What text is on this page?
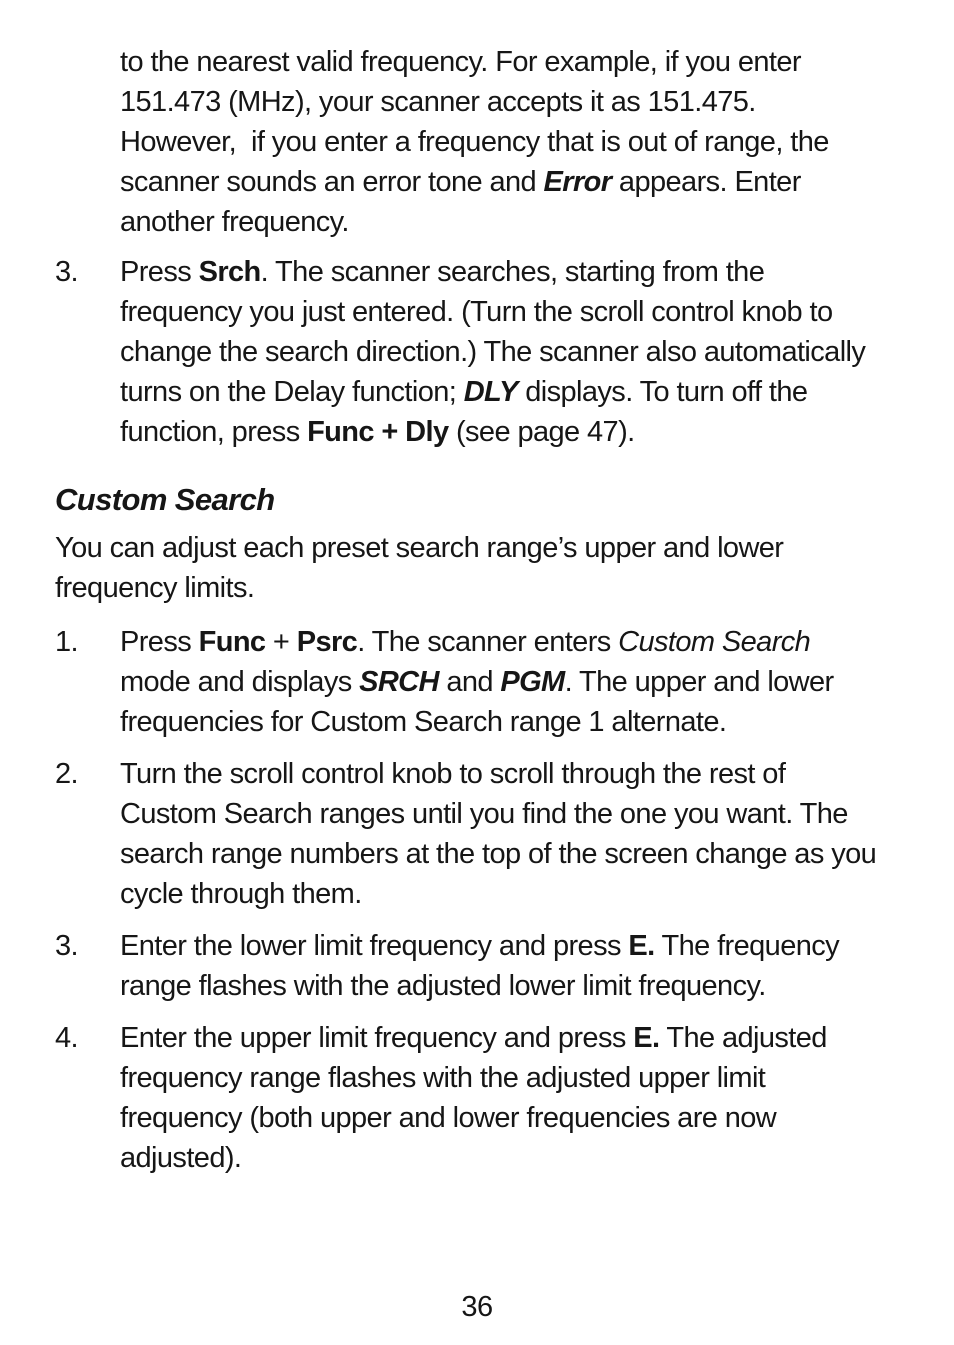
to the nearest valid frequency. For example, if you enter 151.473 (MHz), your scanner accepts it as 151.475. However,  if you enter a frequency that is out of range, the scanner sounds an error tone and Error appears. Enter another frequency.

3.	Press Srch. The scanner searches, starting from the frequency you just entered. (Turn the scroll control knob to change the search direction.) The scanner also automatically turns on the Delay function; DLY displays. To turn off the function, press Func + Dly (see page 47).
Custom Search

You can adjust each preset search range’s upper and lower frequency limits.

1.	Press Func + Psrc. The scanner enters Custom Search mode and displays SRCH and PGM. The upper and lower frequencies for Custom Search range 1 alternate.
2.	Turn the scroll control knob to scroll through the rest of Custom Search ranges until you find the one you want. The search range numbers at the top of the screen change as you cycle through them.
3.	Enter the lower limit frequency and press E. The frequency range flashes with the adjusted lower limit frequency.
4.	Enter the upper limit frequency and press E. The adjusted frequency range flashes with the adjusted upper limit frequency (both upper and lower frequencies are now adjusted).
36
